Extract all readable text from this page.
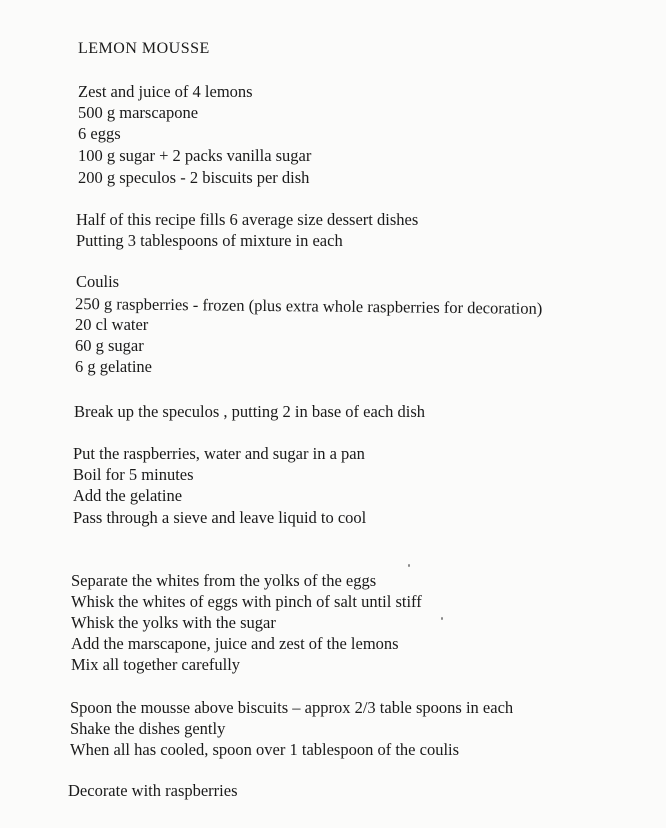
LEMON MOUSSE
Zest and juice of 4 lemons
500 g marscapone
6 eggs
100 g sugar + 2 packs vanilla sugar
200 g speculos - 2 biscuits per dish
Half of this recipe fills 6 average size dessert dishes
Putting 3 tablespoons of mixture in each
Coulis
250 g raspberries - frozen (plus extra whole raspberries for decoration)
20 cl water
60 g sugar
6 g gelatine
Break up the speculos , putting 2 in base of each dish
Put the raspberries, water and sugar in a pan
Boil for 5 minutes
Add the gelatine
Pass through a sieve and leave liquid to cool
Separate the whites from the yolks of the eggs
Whisk the whites of eggs with pinch of salt until stiff
Whisk the yolks with the sugar
Add the marscapone, juice and zest of the lemons
Mix all together carefully
Spoon the mousse above biscuits – approx 2/3 table spoons in each
Shake the dishes gently
When all has cooled, spoon over 1 tablespoon of the coulis
Decorate with raspberries
